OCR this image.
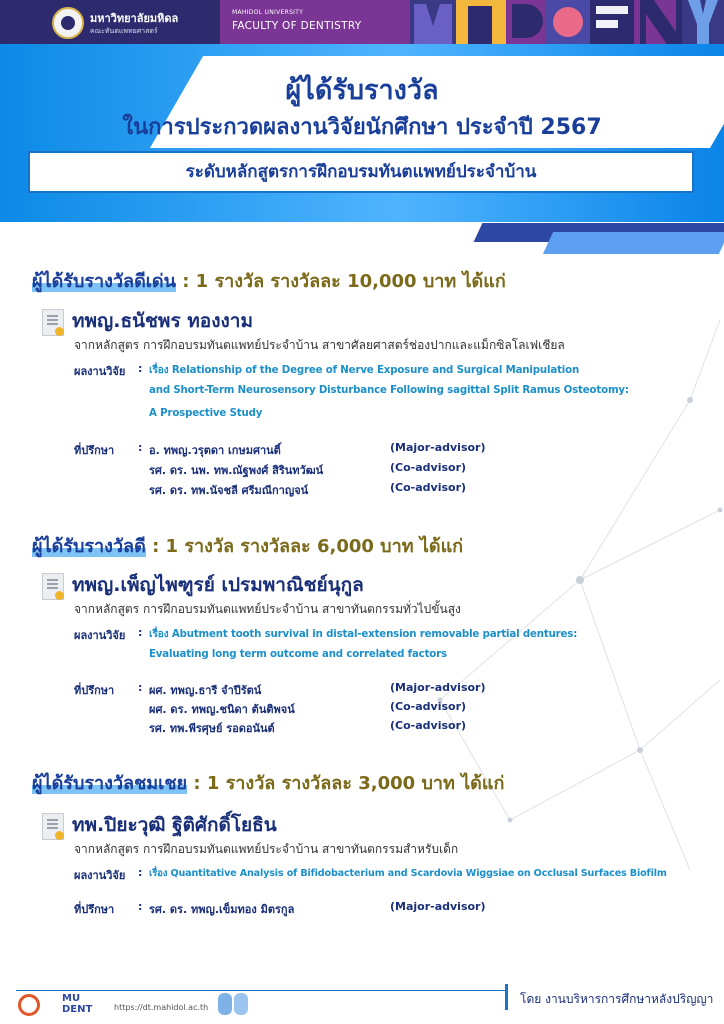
มหาวิทยาลัยมหิดล
คณะทันตแพทยศาสตร์
MAHIDOL UNIVERSITY
FACULTY OF DENTISTRY
ผู้ได้รับรางวัล
ในการประกวดผลงานวิจัยนักศึกษา ประจำปี 2567
ระดับหลักสูตรการฝึกอบรมทันตแพทย์ประจำบ้าน
ผู้ได้รับรางวัลดีเด่น : 1 รางวัล รางวัลละ 10,000 บาท ได้แก่
ทพญ.ธนัชพร ทองงาม
จากหลักสูตร การฝึกอบรมทันตแพทย์ประจำบ้าน สาขาศัลยศาสตร์ช่องปากและแม็กซิลโลเฟเชียล
ผลงานวิจัย : เรื่อง Relationship of the Degree of Nerve Exposure and Surgical Manipulation
and Short-Term Neurosensory Disturbance Following sagittal Split Ramus Osteotomy:
A Prospective Study
ที่ปรึกษา : อ. ทพญ.วรุตดา เกษมศานติ์	(Major-advisor)
รศ. ดร. นพ. ทพ.ณัฐพงศ์ สิรินทวัฒน์	(Co-advisor)
รศ. ดร. ทพ.นัจชลี ศรีมณีกาญจน์	(Co-advisor)
ผู้ได้รับรางวัลดี : 1 รางวัล รางวัลละ 6,000 บาท ได้แก่
ทพญ.เพ็ญไพฑูรย์ เปรมพาณิชย์นุกูล
จากหลักสูตร การฝึกอบรมทันตแพทย์ประจำบ้าน สาขาทันตกรรมทั่วไปขั้นสูง
ผลงานวิจัย : เรื่อง Abutment tooth survival in distal-extension removable partial dentures:
Evaluating long term outcome and correlated factors
ที่ปรึกษา : ผศ. ทพญ.ธารี จำปีรัตน์	(Major-advisor)
ผศ. ดร. ทพญ.ชนิดา ต้นติพจน์	(Co-advisor)
รศ. ทพ.พีรศุษย์ รอดอนันต์	(Co-advisor)
ผู้ได้รับรางวัลชมเชย : 1 รางวัล รางวัลละ 3,000 บาท ได้แก่
ทพ.ปิยะวุฒิ ฐิติศักดิ์โยธิน
จากหลักสูตร การฝึกอบรมทันตแพทย์ประจำบ้าน สาขาทันตกรรมสำหรับเด็ก
ผลงานวิจัย : เรื่อง Quantitative Analysis of Bifidobacterium and Scardovia Wiggsiae on Occlusal Surfaces Biofilm
ที่ปรึกษา : รศ. ดร. ทพญ.เข็มทอง มิตรกูล	(Major-advisor)
โดย งานบริหารการศึกษาหลังปริญญา
MU DENT	https://dt.mahidol.ac.th
